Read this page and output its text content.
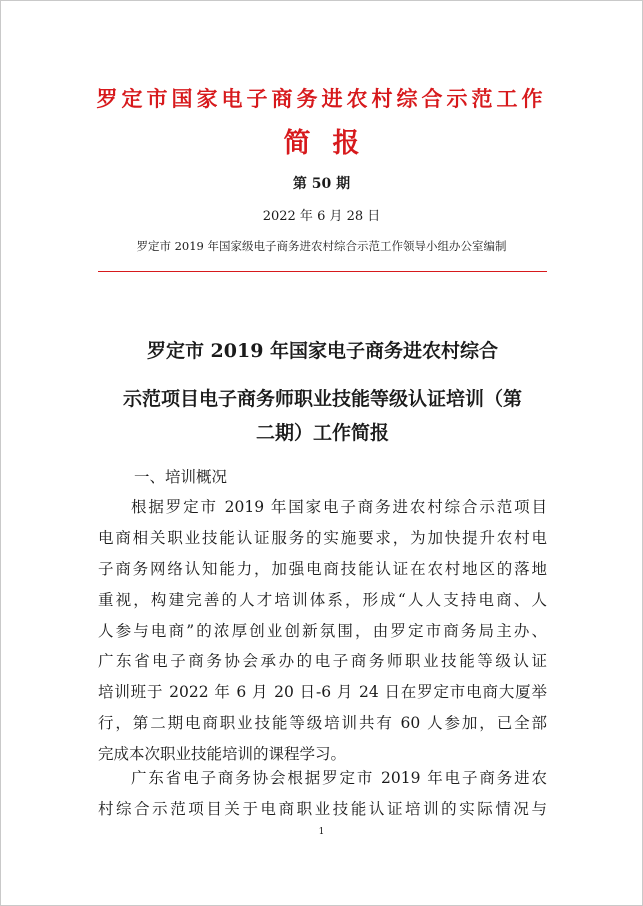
罗定市国家电子商务进农村综合示范工作
简报
第 50 期
2022 年 6 月 28 日
罗定市 2019 年国家级电子商务进农村综合示范工作领导小组办公室编制
罗定市 2019 年国家电子商务进农村综合
示范项目电子商务师职业技能等级认证培训（第
二期）工作简报
一、培训概况
根据罗定市 2019 年国家电子商务进农村综合示范项目
电商相关职业技能认证服务的实施要求，为加快提升农村电
子商务网络认知能力，加强电商技能认证在农村地区的落地
重视，构建完善的人才培训体系，形成“人人支持电商、人
人参与电商”的浓厚创业创新氛围，由罗定市商务局主办、
广东省电子商务协会承办的电子商务师职业技能等级认证
培训班于 2022 年 6 月 20 日-6 月 24 日在罗定市电商大厦举
行，第二期电商职业技能等级培训共有 60 人参加，已全部
完成本次职业技能培训的课程学习。
广东省电子商务协会根据罗定市 2019 年电子商务进农
村综合示范项目关于电商职业技能认证培训的实际情况与
1
